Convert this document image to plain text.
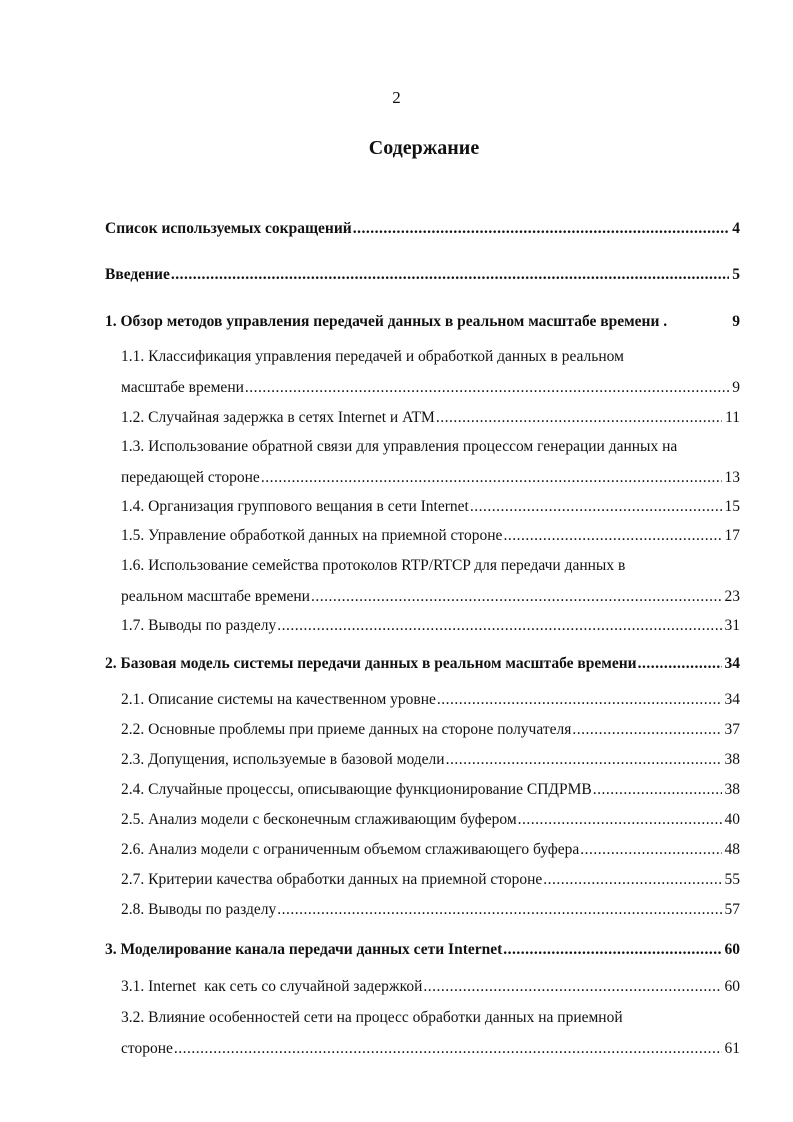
2
Содержание
Список используемых сокращений .....	4
Введение .....	5
1. Обзор методов управления передачей данных в реальном масштабе времени .	9
1.1. Классификация управления передачей и обработкой данных в реальном
масштабе времени .....	9
1.2. Случайная задержка в сетях Internet и ATM .....	11
1.3. Использование обратной связи для управления процессом генерации данных на
передающей стороне .....	13
1.4. Организация группового вещания в сети Internet .....	15
1.5. Управление обработкой данных на приемной стороне .....	17
1.6. Использование семейства протоколов RTP/RTCP для передачи данных в
реальном масштабе времени .....	23
1.7. Выводы по разделу .....	31
2. Базовая модель системы передачи данных в реальном масштабе времени .....	34
2.1. Описание системы на качественном уровне .....	34
2.2. Основные проблемы при приеме данных на стороне получателя .....	37
2.3. Допущения, используемые в базовой модели .....	38
2.4. Случайные процессы, описывающие функционирование СПДРМВ .....	38
2.5. Анализ модели с бесконечным сглаживающим буфером .....	40
2.6. Анализ модели с ограниченным объемом сглаживающего буфера .....	48
2.7. Критерии качества обработки данных на приемной стороне .....	55
2.8. Выводы по разделу .....	57
3. Моделирование канала передачи данных сети Internet .....	60
3.1. Internet  как сеть со случайной задержкой .....	60
3.2. Влияние особенностей сети на процесс обработки данных на приемной
стороне .....	61
